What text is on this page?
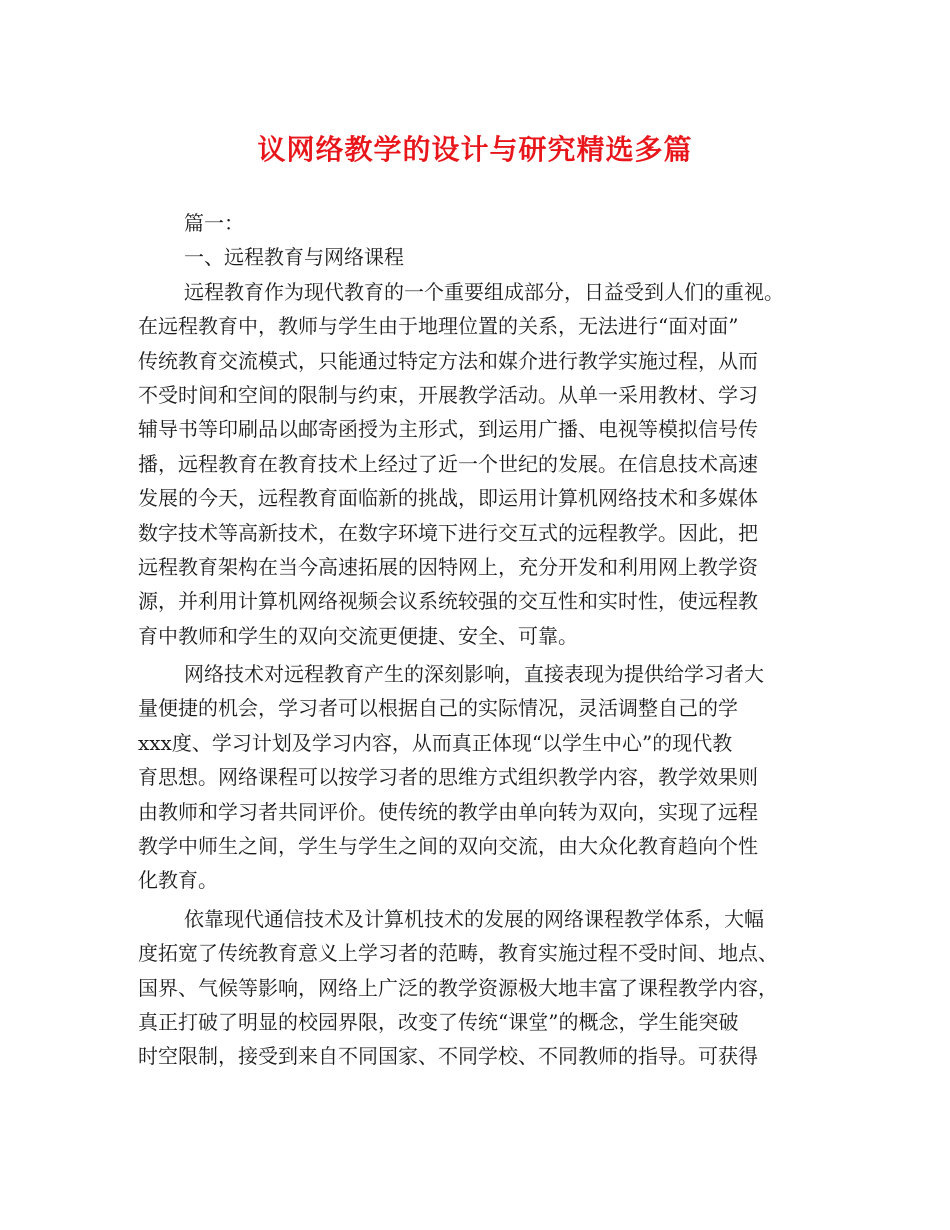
议网络教学的设计与研究精选多篇
篇一：
一、远程教育与网络课程
远程教育作为现代教育的一个重要组成部分，日益受到人们的重视。
在远程教育中，教师与学生由于地理位置的关系，无法进行“面对面”
传统教育交流模式，只能通过特定方法和媒介进行教学实施过程，从而
不受时间和空间的限制与约束，开展教学活动。从单一采用教材、学习
辅导书等印刷品以邮寄函授为主形式，到运用广播、电视等模拟信号传
播，远程教育在教育技术上经过了近一个世纪的发展。在信息技术高速
发展的今天，远程教育面临新的挑战，即运用计算机网络技术和多媒体
数字技术等高新技术，在数字环境下进行交互式的远程教学。因此，把
远程教育架构在当今高速拓展的因特网上，充分开发和利用网上教学资
源，并利用计算机网络视频会议系统较强的交互性和实时性，使远程教
育中教师和学生的双向交流更便捷、安全、可靠。
网络技术对远程教育产生的深刻影响，直接表现为提供给学习者大
量便捷的机会，学习者可以根据自己的实际情况，灵活调整自己的学
xxx度、学习计划及学习内容，从而真正体现“以学生中心”的现代教
育思想。网络课程可以按学习者的思维方式组织教学内容，教学效果则
由教师和学习者共同评价。使传统的教学由单向转为双向，实现了远程
教学中师生之间，学生与学生之间的双向交流，由大众化教育趋向个性
化教育。
依靠现代通信技术及计算机技术的发展的网络课程教学体系，大幅
度拓宽了传统教育意义上学习者的范畴，教育实施过程不受时间、地点、
国界、气候等影响，网络上广泛的教学资源极大地丰富了课程教学内容，
真正打破了明显的校园界限，改变了传统“课堂”的概念，学生能突破
时空限制，接受到来自不同国家、不同学校、不同教师的指导。可获得
